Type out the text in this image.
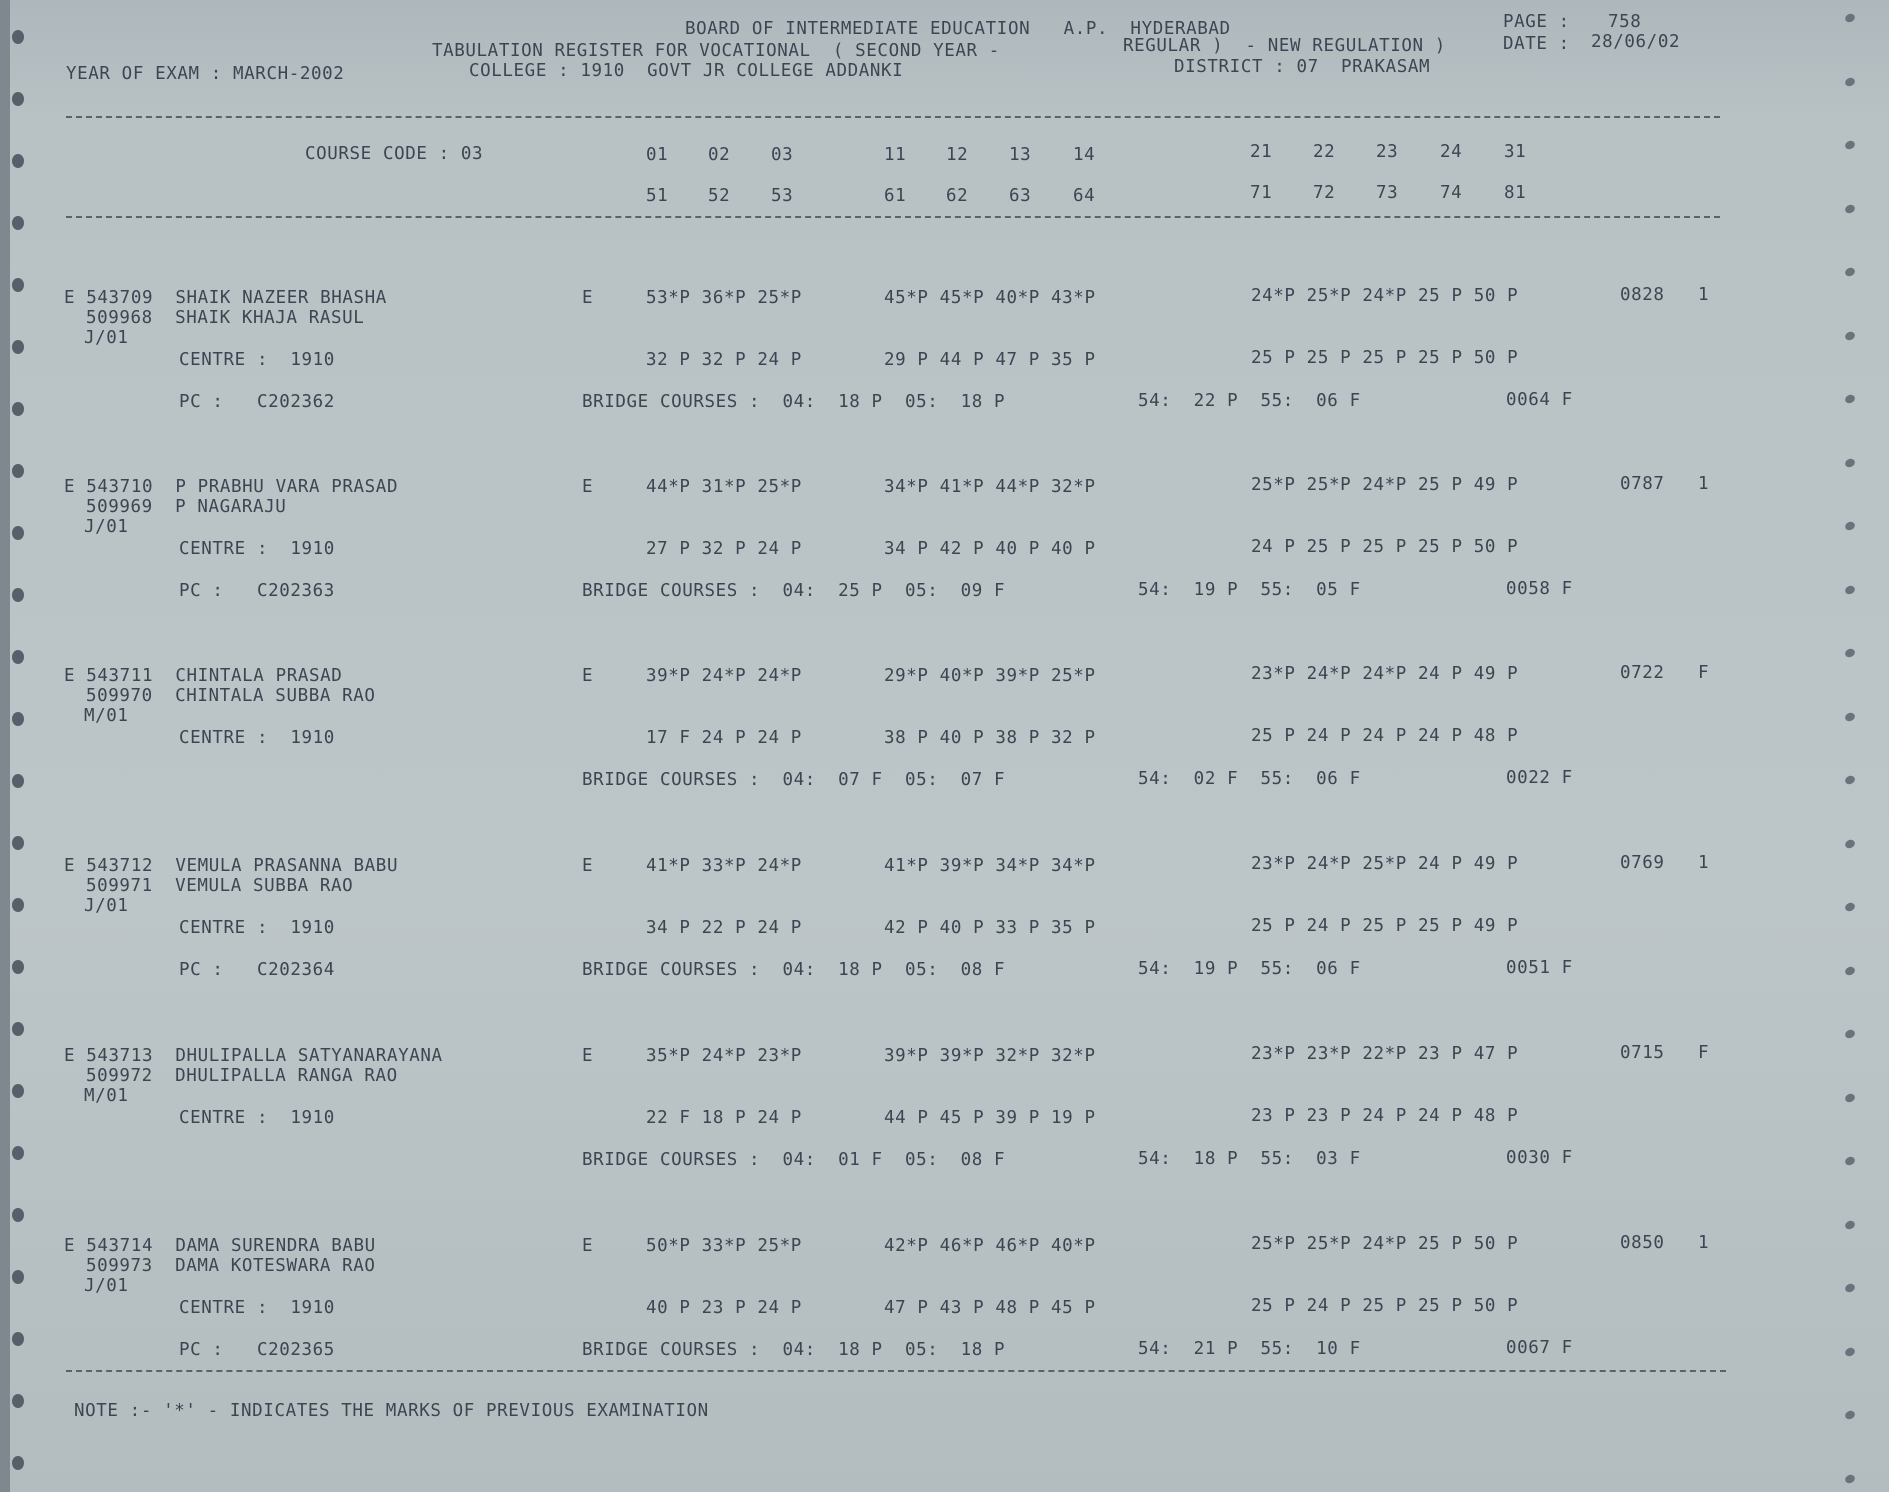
BOARD OF INTERMEDIATE EDUCATION   A.P.  HYDERABAD	PAGE : 758
TABULATION REGISTER FOR VOCATIONAL  ( SECOND YEAR -	REGULAR )  - NEW REGULATION )	DATE : 28/06/02
YEAR OF EXAM : MARCH-2002	COLLEGE : 1910  GOVT JR COLLEGE ADDANKI	DISTRICT : 07  PRAKASAM
COURSE CODE : 03	01 02 03	11 12 13 14	21 22 23 24 31
51 52 53	61 62 63 64	71 72 73 74 81
E 543709  SHAIK NAZEER BHASHA
509968  SHAIK KHAJA RASUL
J/01
E	53*P 36*P 25*P	45*P 45*P 40*P 43*P	24*P 25*P 24*P 25 P 50 P	0828 1
CENTRE :  1910	32 P 32 P 24 P	29 P 44 P 47 P 35 P	25 P 25 P 25 P 25 P 50 P
PC :   C202362	BRIDGE COURSES :  04:  18 P  05:  18 P	54:  22 P  55:  06 F	0064 F
E 543710  P PRABHU VARA PRASAD
509969  P NAGARAJU
J/01
E	44*P 31*P 25*P	34*P 41*P 44*P 32*P	25*P 25*P 24*P 25 P 49 P	0787 1
CENTRE :  1910	27 P 32 P 24 P	34 P 42 P 40 P 40 P	24 P 25 P 25 P 25 P 50 P
PC :   C202363	BRIDGE COURSES :  04:  25 P  05:  09 F	54:  19 P  55:  05 F	0058 F
E 543711  CHINTALA PRASAD
509970  CHINTALA SUBBA RAO
M/01
E	39*P 24*P 24*P	29*P 40*P 39*P 25*P	23*P 24*P 24*P 24 P 49 P	0722 F
CENTRE :  1910	17 F 24 P 24 P	38 P 40 P 38 P 32 P	25 P 24 P 24 P 24 P 48 P
BRIDGE COURSES :  04:  07 F  05:  07 F	54:  02 F  55:  06 F	0022 F
E 543712  VEMULA PRASANNA BABU
509971  VEMULA SUBBA RAO
J/01
E	41*P 33*P 24*P	41*P 39*P 34*P 34*P	23*P 24*P 25*P 24 P 49 P	0769 1
CENTRE :  1910	34 P 22 P 24 P	42 P 40 P 33 P 35 P	25 P 24 P 25 P 25 P 49 P
PC :   C202364	BRIDGE COURSES :  04:  18 P  05:  08 F	54:  19 P  55:  06 F	0051 F
E 543713  DHULIPALLA SATYANARAYANA
509972  DHULIPALLA RANGA RAO
M/01
E	35*P 24*P 23*P	39*P 39*P 32*P 32*P	23*P 23*P 22*P 23 P 47 P	0715 F
CENTRE :  1910	22 F 18 P 24 P	44 P 45 P 39 P 19 P	23 P 23 P 24 P 24 P 48 P
BRIDGE COURSES :  04:  01 F  05:  08 F	54:  18 P  55:  03 F	0030 F
E 543714  DAMA SURENDRA BABU
509973  DAMA KOTESWARA RAO
J/01
E	50*P 33*P 25*P	42*P 46*P 46*P 40*P	25*P 25*P 24*P 25 P 50 P	0850 1
CENTRE :  1910	40 P 23 P 24 P	47 P 43 P 48 P 45 P	25 P 24 P 25 P 25 P 50 P
PC :   C202365	BRIDGE COURSES :  04:  18 P  05:  18 P	54:  21 P  55:  10 F	0067 F
NOTE :- '*' - INDICATES THE MARKS OF PREVIOUS EXAMINATION
